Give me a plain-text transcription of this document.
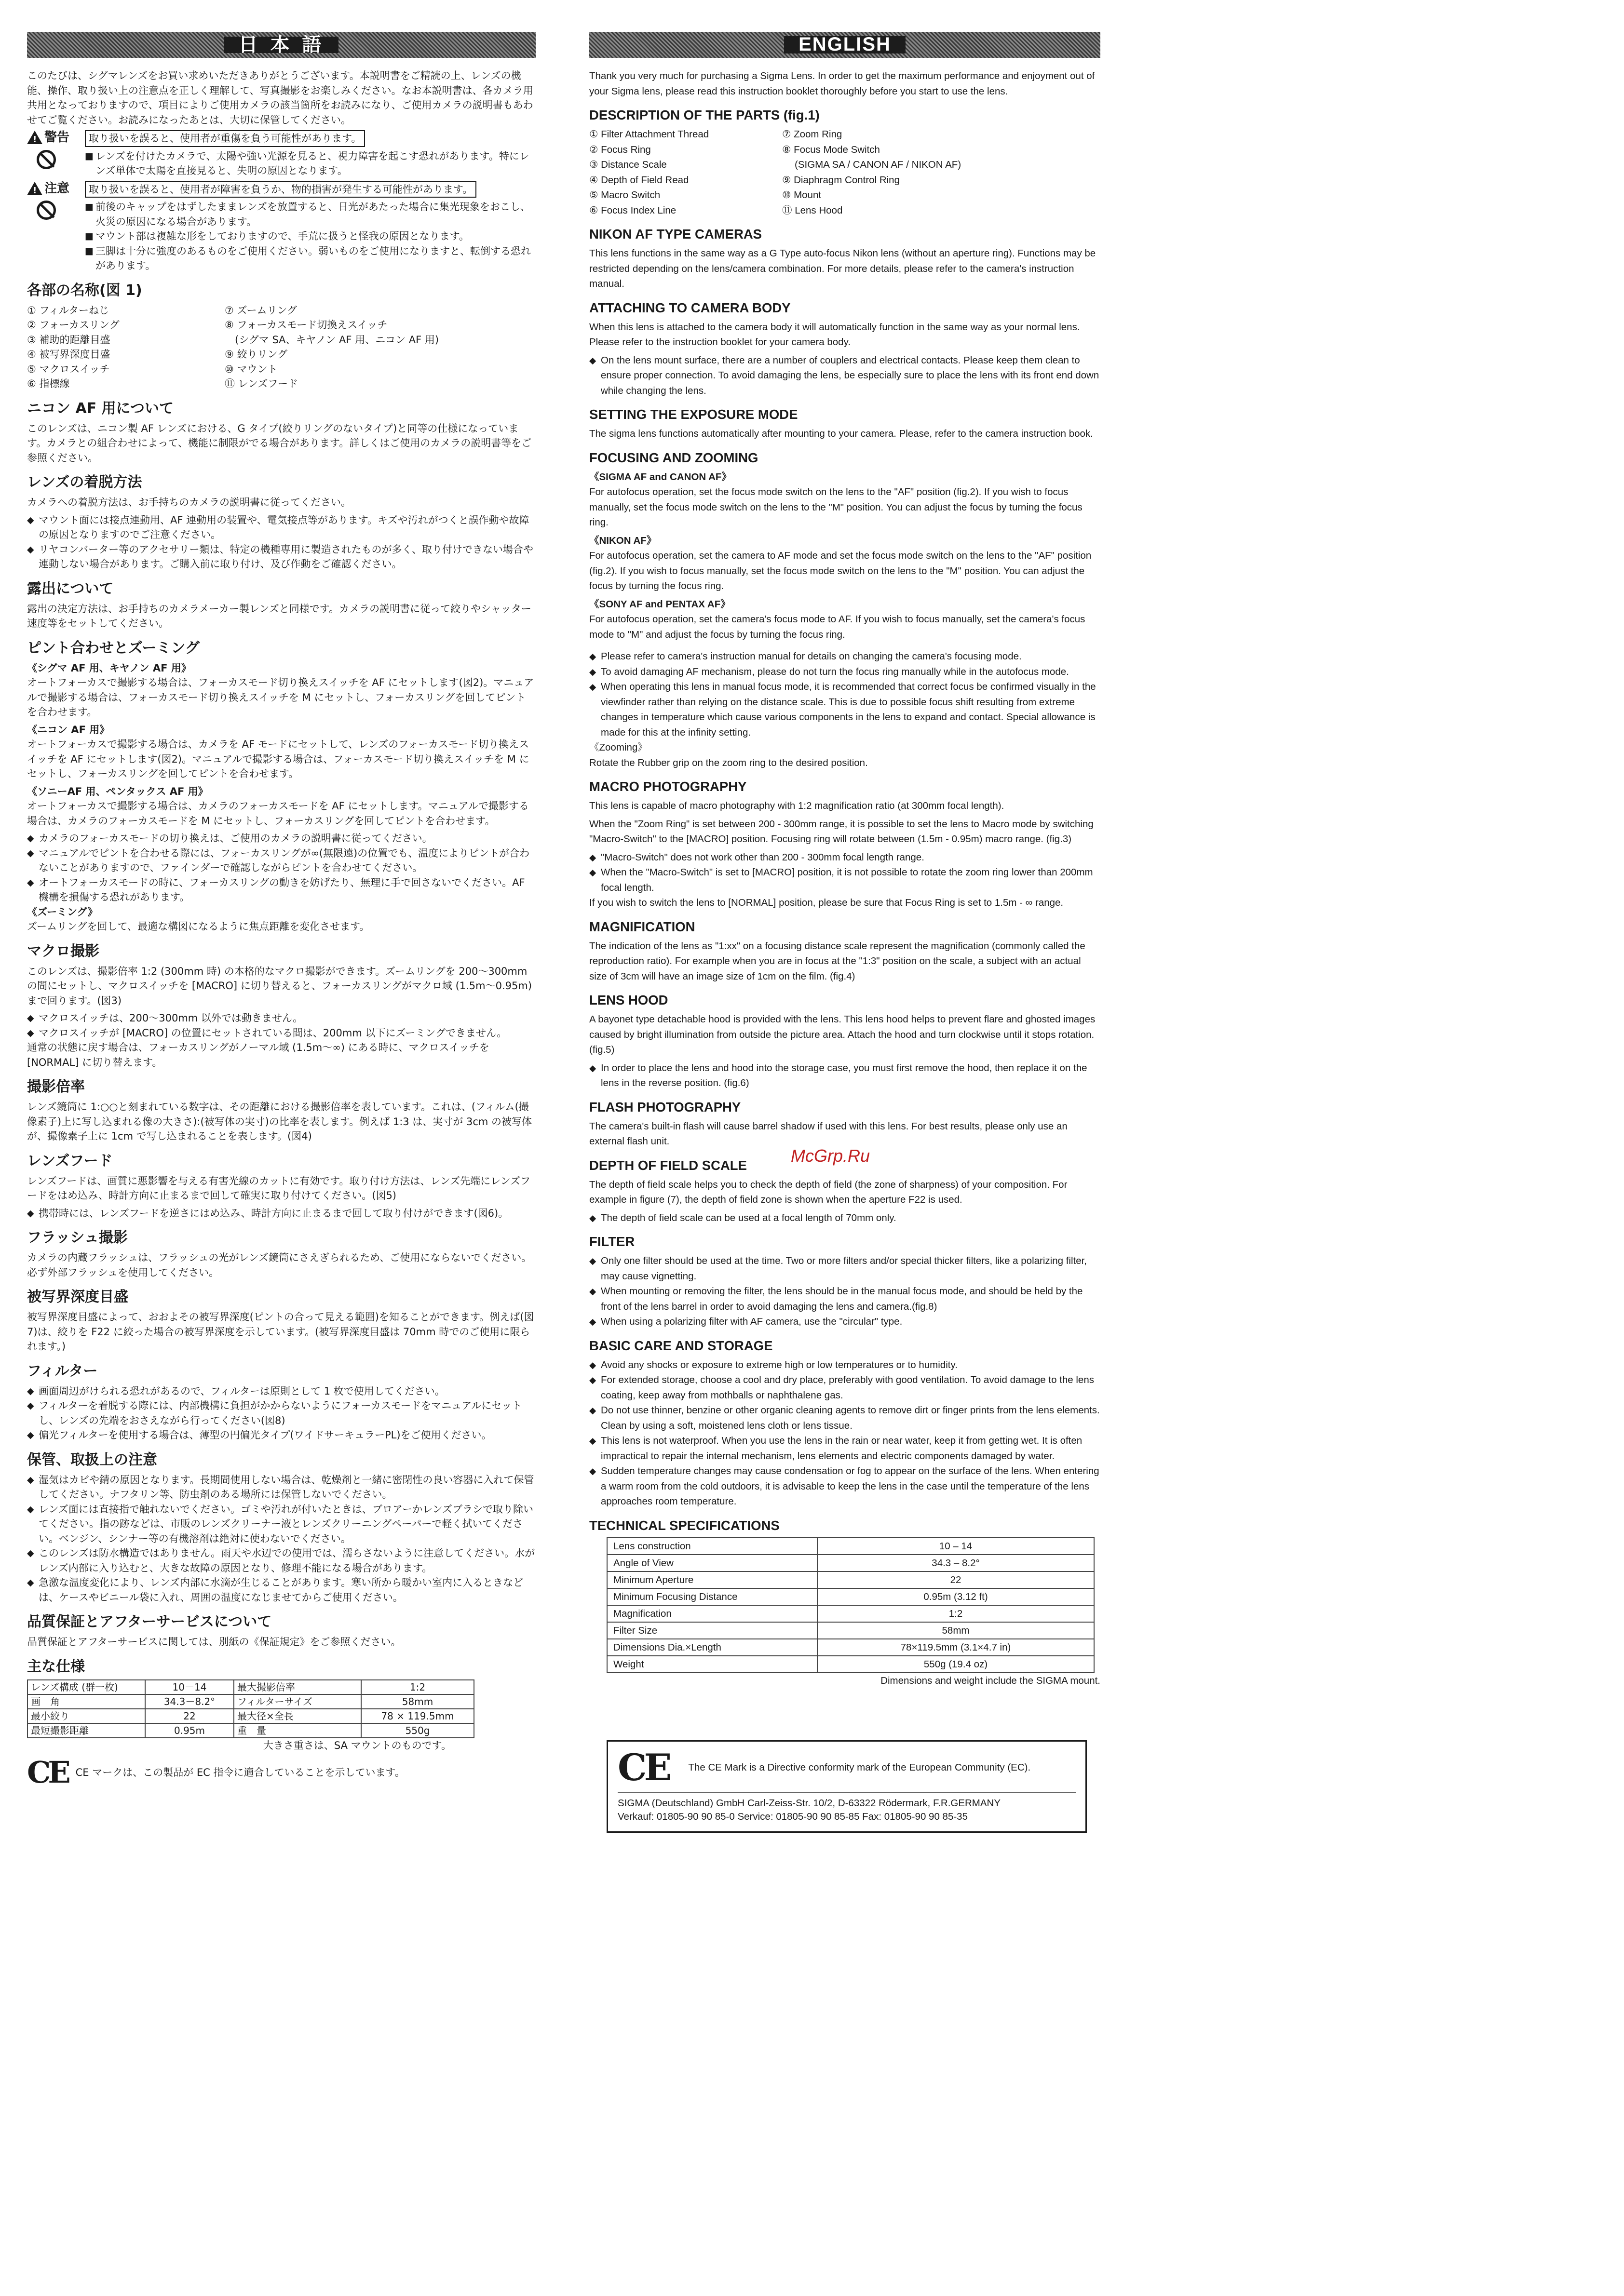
日 本 語

このたびは、シグマレンズをお買い求めいただきありがとうございます。本説明書をご精読の上、レンズの機能、操作、取り扱い上の注意点を正しく理解して、写真撮影をお楽しみください。なお本説明書は、各カメラ用共用となっておりますので、項目によりご使用カメラの該当箇所をお読みになり、ご使用カメラの説明書もあわせてご覧ください。お読みになったあとは、大切に保管してください。

!
警告	取り扱いを誤ると、使用者が重傷を負う可能性があります。
■ レンズを付けたカメラで、太陽や強い光源を見ると、視力障害を起こす恐れがあります。特にレンズ単体で太陽を直接見ると、失明の原因となります。
!
注意	取り扱いを誤ると、使用者が障害を負うか、物的損害が発生する可能性があります。
■ 前後のキャップをはずしたままレンズを放置すると、日光があたった場合に集光現象をおこし、火災の原因になる場合があります。
■ マウント部は複雑な形をしておりますので、手荒に扱うと怪我の原因となります。
■ 三脚は十分に強度のあるものをご使用ください。弱いものをご使用になりますと、転倒する恐れがあります。
各部の名称(図 1)
① フィルターねじ
② フォーカスリング
③ 補助的距離目盛
④ 被写界深度目盛
⑤ マクロスイッチ
⑥ 指標線
⑦ ズームリング
⑧ フォーカスモード切換えスイッチ
　(シグマ SA、キヤノン AF 用、ニコン AF 用)
⑨ 絞りリング
⑩ マウント
⑪ レンズフード
ニコン AF 用について

このレンズは、ニコン製 AF レンズにおける、G タイプ(絞りリングのないタイプ)と同等の仕様になっています。カメラとの組合わせによって、機能に制限がでる場合があります。詳しくはご使用のカメラの説明書等をご参照ください。

レンズの着脱方法

カメラへの着脱方法は、お手持ちのカメラの説明書に従ってください。

◆ マウント面には接点連動用、AF 連動用の装置や、電気接点等があります。キズや汚れがつくと誤作動や故障の原因となりますのでご注意ください。
◆ リヤコンバーター等のアクセサリー類は、特定の機種専用に製造されたものが多く、取り付けできない場合や連動しない場合があります。ご購入前に取り付け、及び作動をご確認ください。
露出について

露出の決定方法は、お手持ちのカメラメーカー製レンズと同様です。カメラの説明書に従って絞りやシャッター速度等をセットしてください。

ピント合わせとズーミング
《シグマ AF 用、キヤノン AF 用》

オートフォーカスで撮影する場合は、フォーカスモード切り換えスイッチを AF にセットします(図2)。マニュアルで撮影する場合は、フォーカスモード切り換えスイッチを M にセットし、フォーカスリングを回してピントを合わせます。

《ニコン AF 用》

オートフォーカスで撮影する場合は、カメラを AF モードにセットして、レンズのフォーカスモード切り換えスイッチを AF にセットします(図2)。マニュアルで撮影する場合は、フォーカスモード切り換えスイッチを M にセットし、フォーカスリングを回してピントを合わせます。

《ソニーAF 用、ペンタックス AF 用》

オートフォーカスで撮影する場合は、カメラのフォーカスモードを AF にセットします。マニュアルで撮影する場合は、カメラのフォーカスモードを M にセットし、フォーカスリングを回してピントを合わせます。

◆ カメラのフォーカスモードの切り換えは、ご使用のカメラの説明書に従ってください。
◆ マニュアルでピントを合わせる際には、フォーカスリングが∞(無限遠)の位置でも、温度によりピントが合わないことがありますので、ファインダーで確認しながらピントを合わせてください。
◆ オートフォーカスモードの時に、フォーカスリングの動きを妨げたり、無理に手で回さないでください。AF 機構を損傷する恐れがあります。
《ズーミング》

ズームリングを回して、最適な構図になるように焦点距離を変化させます。

マクロ撮影

このレンズは、撮影倍率 1:2 (300mm 時) の本格的なマクロ撮影ができます。ズームリングを 200～300mm の間にセットし、マクロスイッチを [MACRO] に切り替えると、フォーカスリングがマクロ域 (1.5m～0.95m) まで回ります。(図3)

◆ マクロスイッチは、200～300mm 以外では動きません。
◆ マクロスイッチが [MACRO] の位置にセットされている間は、200mm 以下にズーミングできません。

通常の状態に戻す場合は、フォーカスリングがノーマル域 (1.5m～∞) にある時に、マクロスイッチを [NORMAL] に切り替えます。

撮影倍率

レンズ鏡筒に 1:○○と刻まれている数字は、その距離における撮影倍率を表しています。これは、(フィルム(撮像素子)上に写し込まれる像の大きさ):(被写体の実寸)の比率を表します。例えば 1:3 は、実寸が 3cm の被写体が、撮像素子上に 1cm で写し込まれることを表します。(図4)

レンズフード

レンズフードは、画質に悪影響を与える有害光線のカットに有効です。取り付け方法は、レンズ先端にレンズフードをはめ込み、時計方向に止まるまで回して確実に取り付けてください。(図5)

◆ 携帯時には、レンズフードを逆さにはめ込み、時計方向に止まるまで回して取り付けができます(図6)。
フラッシュ撮影

カメラの内蔵フラッシュは、フラッシュの光がレンズ鏡筒にさえぎられるため、ご使用にならないでください。必ず外部フラッシュを使用してください。

被写界深度目盛

被写界深度目盛によって、おおよその被写界深度(ピントの合って見える範囲)を知ることができます。例えば(図7)は、絞りを F22 に絞った場合の被写界深度を示しています。(被写界深度目盛は 70mm 時でのご使用に限られます。)

フィルター
◆ 画面周辺がけられる恐れがあるので、フィルターは原則として 1 枚で使用してください。
◆ フィルターを着脱する際には、内部機構に負担がかからないようにフォーカスモードをマニュアルにセットし、レンズの先端をおさえながら行ってください(図8)
◆ 偏光フィルターを使用する場合は、薄型の円偏光タイプ(ワイドサーキュラーPL)をご使用ください。
保管、取扱上の注意
◆ 湿気はカビや錆の原因となります。長期間使用しない場合は、乾燥剤と一緒に密閉性の良い容器に入れて保管してください。ナフタリン等、防虫剤のある場所には保管しないでください。
◆ レンズ面には直接指で触れないでください。ゴミや汚れが付いたときは、ブロアーかレンズブラシで取り除いてください。指の跡などは、市販のレンズクリーナー液とレンズクリーニングペーパーで軽く拭いてください。ベンジン、シンナー等の有機溶剤は絶対に使わないでください。
◆ このレンズは防水構造ではありません。雨天や水辺での使用では、濡らさないように注意してください。水がレンズ内部に入り込むと、大きな故障の原因となり、修理不能になる場合があります。
◆ 急激な温度変化により、レンズ内部に水滴が生じることがあります。寒い所から暖かい室内に入るときなどは、ケースやビニール袋に入れ、周囲の温度になじませてからご使用ください。
品質保証とアフターサービスについて

品質保証とアフターサービスに関しては、別紙の《保証規定》をご参照ください。

主な仕様
レンズ構成 (群一枚)	10－14	最大撮影倍率	1:2
画　角	34.3－8.2°	フィルターサイズ	58mm
最小絞り	22	最大径×全長	78 × 119.5mm
最短撮影距離	0.95m	重　量	550g
大きさ重さは、SA マウントのものです。
CE CE マークは、この製品が EC 指令に適合していることを示しています。
ENGLISH

Thank you very much for purchasing a Sigma Lens. In order to get the maximum performance and enjoyment out of your Sigma lens, please read this instruction booklet thoroughly before you start to use the lens.

DESCRIPTION OF THE PARTS (fig.1)
① Filter Attachment Thread
② Focus Ring
③ Distance Scale
④ Depth of Field Read
⑤ Macro Switch
⑥ Focus Index Line
⑦ Zoom Ring
⑧ Focus Mode Switch
(SIGMA SA / CANON AF / NIKON AF)
⑨ Diaphragm Control Ring
⑩ Mount
⑪ Lens Hood
NIKON AF TYPE CAMERAS

This lens functions in the same way as a G Type auto-focus Nikon lens (without an aperture ring). Functions may be restricted depending on the lens/camera combination. For more details, please refer to the camera's instruction manual.

ATTACHING TO CAMERA BODY

When this lens is attached to the camera body it will automatically function in the same way as your normal lens. Please refer to the instruction booklet for your camera body.

◆ On the lens mount surface, there are a number of couplers and electrical contacts. Please keep them clean to ensure proper connection. To avoid damaging the lens, be especially sure to place the lens with its front end down while changing the lens.
SETTING THE EXPOSURE MODE

The sigma lens functions automatically after mounting to your camera. Please, refer to the camera instruction book.

FOCUSING AND ZOOMING
《SIGMA AF and CANON AF》

For autofocus operation, set the focus mode switch on the lens to the "AF" position (fig.2). If you wish to focus manually, set the focus mode switch on the lens to the "M" position. You can adjust the focus by turning the focus ring.

《NIKON AF》

For autofocus operation, set the camera to AF mode and set the focus mode switch on the lens to the "AF" position (fig.2). If you wish to focus manually, set the focus mode switch on the lens to the "M" position. You can adjust the focus by turning the focus ring.

《SONY AF and PENTAX AF》

For autofocus operation, set the camera's focus mode to AF. If you wish to focus manually, set the camera's focus mode to "M" and adjust the focus by turning the focus ring.

◆ Please refer to camera's instruction manual for details on changing the camera's focusing mode.
◆ To avoid damaging AF mechanism, please do not turn the focus ring manually while in the autofocus mode.
◆ When operating this lens in manual focus mode, it is recommended that correct focus be confirmed visually in the viewfinder rather than relying on the distance scale. This is due to possible focus shift resulting from extreme changes in temperature which cause various components in the lens to expand and contact. Special allowance is made for this at the infinity setting.
《Zooming》

Rotate the Rubber grip on the zoom ring to the desired position.

MACRO PHOTOGRAPHY

This lens is capable of macro photography with 1:2 magnification ratio (at 300mm focal length).

When the "Zoom Ring" is set between 200 - 300mm range, it is possible to set the lens to Macro mode by switching "Macro-Switch" to the [MACRO] position. Focusing ring will rotate between (1.5m - 0.95m) macro range. (fig.3)

◆ "Macro-Switch" does not work other than 200 - 300mm focal length range.
◆ When the "Macro-Switch" is set to [MACRO] position, it is not possible to rotate the zoom ring lower than 200mm focal length.

If you wish to switch the lens to [NORMAL] position, please be sure that Focus Ring is set to 1.5m - ∞ range.

MAGNIFICATION

The indication of the lens as "1:xx" on a focusing distance scale represent the magnification (commonly called the reproduction ratio). For example when you are in focus at the "1:3" position on the scale, a subject with an actual size of 3cm will have an image size of 1cm on the film. (fig.4)

LENS HOOD

A bayonet type detachable hood is provided with the lens. This lens hood helps to prevent flare and ghosted images caused by bright illumination from outside the picture area. Attach the hood and turn clockwise until it stops rotation. (fig.5)

◆ In order to place the lens and hood into the storage case, you must first remove the hood, then replace it on the lens in the reverse position. (fig.6)
FLASH PHOTOGRAPHY

The camera's built-in flash will cause barrel shadow if used with this lens. For best results, please only use an external flash unit.

DEPTH OF FIELD SCALE

The depth of field scale helps you to check the depth of field (the zone of sharpness) of your composition. For example in figure (7), the depth of field zone is shown when the aperture F22 is used.

◆ The depth of field scale can be used at a focal length of 70mm only.
FILTER
◆ Only one filter should be used at the time. Two or more filters and/or special thicker filters, like a polarizing filter, may cause vignetting.
◆ When mounting or removing the filter, the lens should be in the manual focus mode, and should be held by the front of the lens barrel in order to avoid damaging the lens and camera.(fig.8)
◆ When using a polarizing filter with AF camera, use the "circular" type.
BASIC CARE AND STORAGE
◆ Avoid any shocks or exposure to extreme high or low temperatures or to humidity.
◆ For extended storage, choose a cool and dry place, preferably with good ventilation. To avoid damage to the lens coating, keep away from mothballs or naphthalene gas.
◆ Do not use thinner, benzine or other organic cleaning agents to remove dirt or finger prints from the lens elements. Clean by using a soft, moistened lens cloth or lens tissue.
◆ This lens is not waterproof. When you use the lens in the rain or near water, keep it from getting wet. It is often impractical to repair the internal mechanism, lens elements and electric components damaged by water.
◆ Sudden temperature changes may cause condensation or fog to appear on the surface of the lens. When entering a warm room from the cold outdoors, it is advisable to keep the lens in the case until the temperature of the lens approaches room temperature.
TECHNICAL SPECIFICATIONS
Lens construction	10 – 14
Angle of View	34.3 – 8.2°
Minimum Aperture	22
Minimum Focusing Distance	0.95m (3.12 ft)
Magnification	1:2
Filter Size	58mm
Dimensions Dia.×Length	78×119.5mm (3.1×4.7 in)
Weight	550g (19.4 oz)
Dimensions and weight include the SIGMA mount.
CE The CE Mark is a Directive conformity mark of the European Community (EC).
SIGMA (Deutschland) GmbH Carl-Zeiss-Str. 10/2, D-63322 Rödermark, F.R.GERMANY
Verkauf: 01805-90 90 85-0 Service: 01805-90 90 85-85 Fax: 01805-90 90 85-35
McGrp.Ru
